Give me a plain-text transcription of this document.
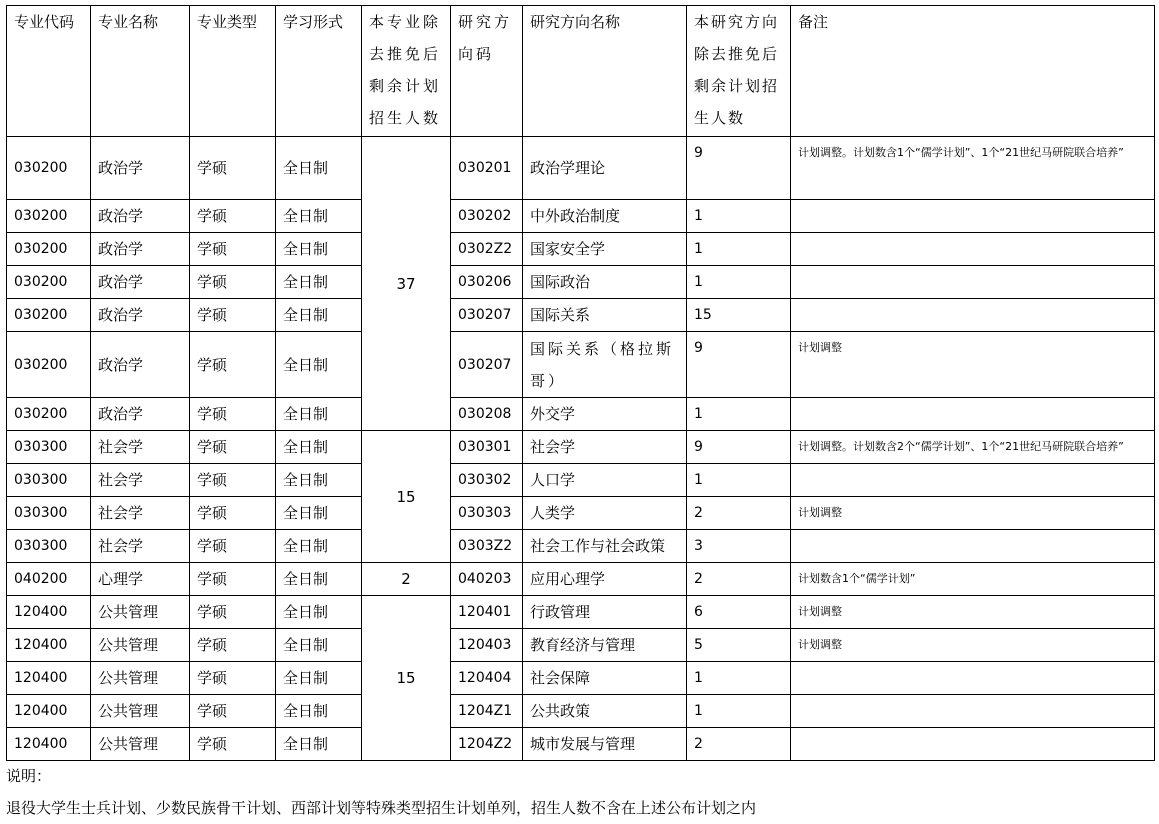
专业代码	专业名称	专业类型	学习形式	本专业除去推免后剩余计划招生人数	研究方向码	研究方向名称	本研究方向除去推免后剩余计划招生人数	备注
030200	政治学	学硕	全日制	37	030201	政治学理论	9	计划调整。计划数含1个“儒学计划”、1个“21世纪马研院联合培养”
030200	政治学	学硕	全日制		030202	中外政治制度	1	
030200	政治学	学硕	全日制		0302Z2	国家安全学	1	
030200	政治学	学硕	全日制		030206	国际政治	1	
030200	政治学	学硕	全日制		030207	国际关系	15	
030200	政治学	学硕	全日制		030207	国际关系（格拉斯哥）	9	计划调整
030200	政治学	学硕	全日制		030208	外交学	1	
030300	社会学	学硕	全日制	15	030301	社会学	9	计划调整。计划数含2个“儒学计划”、1个“21世纪马研院联合培养”
030300	社会学	学硕	全日制		030302	人口学	1	
030300	社会学	学硕	全日制		030303	人类学	2	计划调整
030300	社会学	学硕	全日制		0303Z2	社会工作与社会政策	3	
040200	心理学	学硕	全日制	2	040203	应用心理学	2	计划数含1个“儒学计划”
120400	公共管理	学硕	全日制	15	120401	行政管理	6	计划调整
120400	公共管理	学硕	全日制		120403	教育经济与管理	5	计划调整
120400	公共管理	学硕	全日制		120404	社会保障	1	
120400	公共管理	学硕	全日制		1204Z1	公共政策	1	
120400	公共管理	学硕	全日制		1204Z2	城市发展与管理	2	
说明：
退役大学生士兵计划、少数民族骨干计划、西部计划等特殊类型招生计划单列，招生人数不含在上述公布计划之内
